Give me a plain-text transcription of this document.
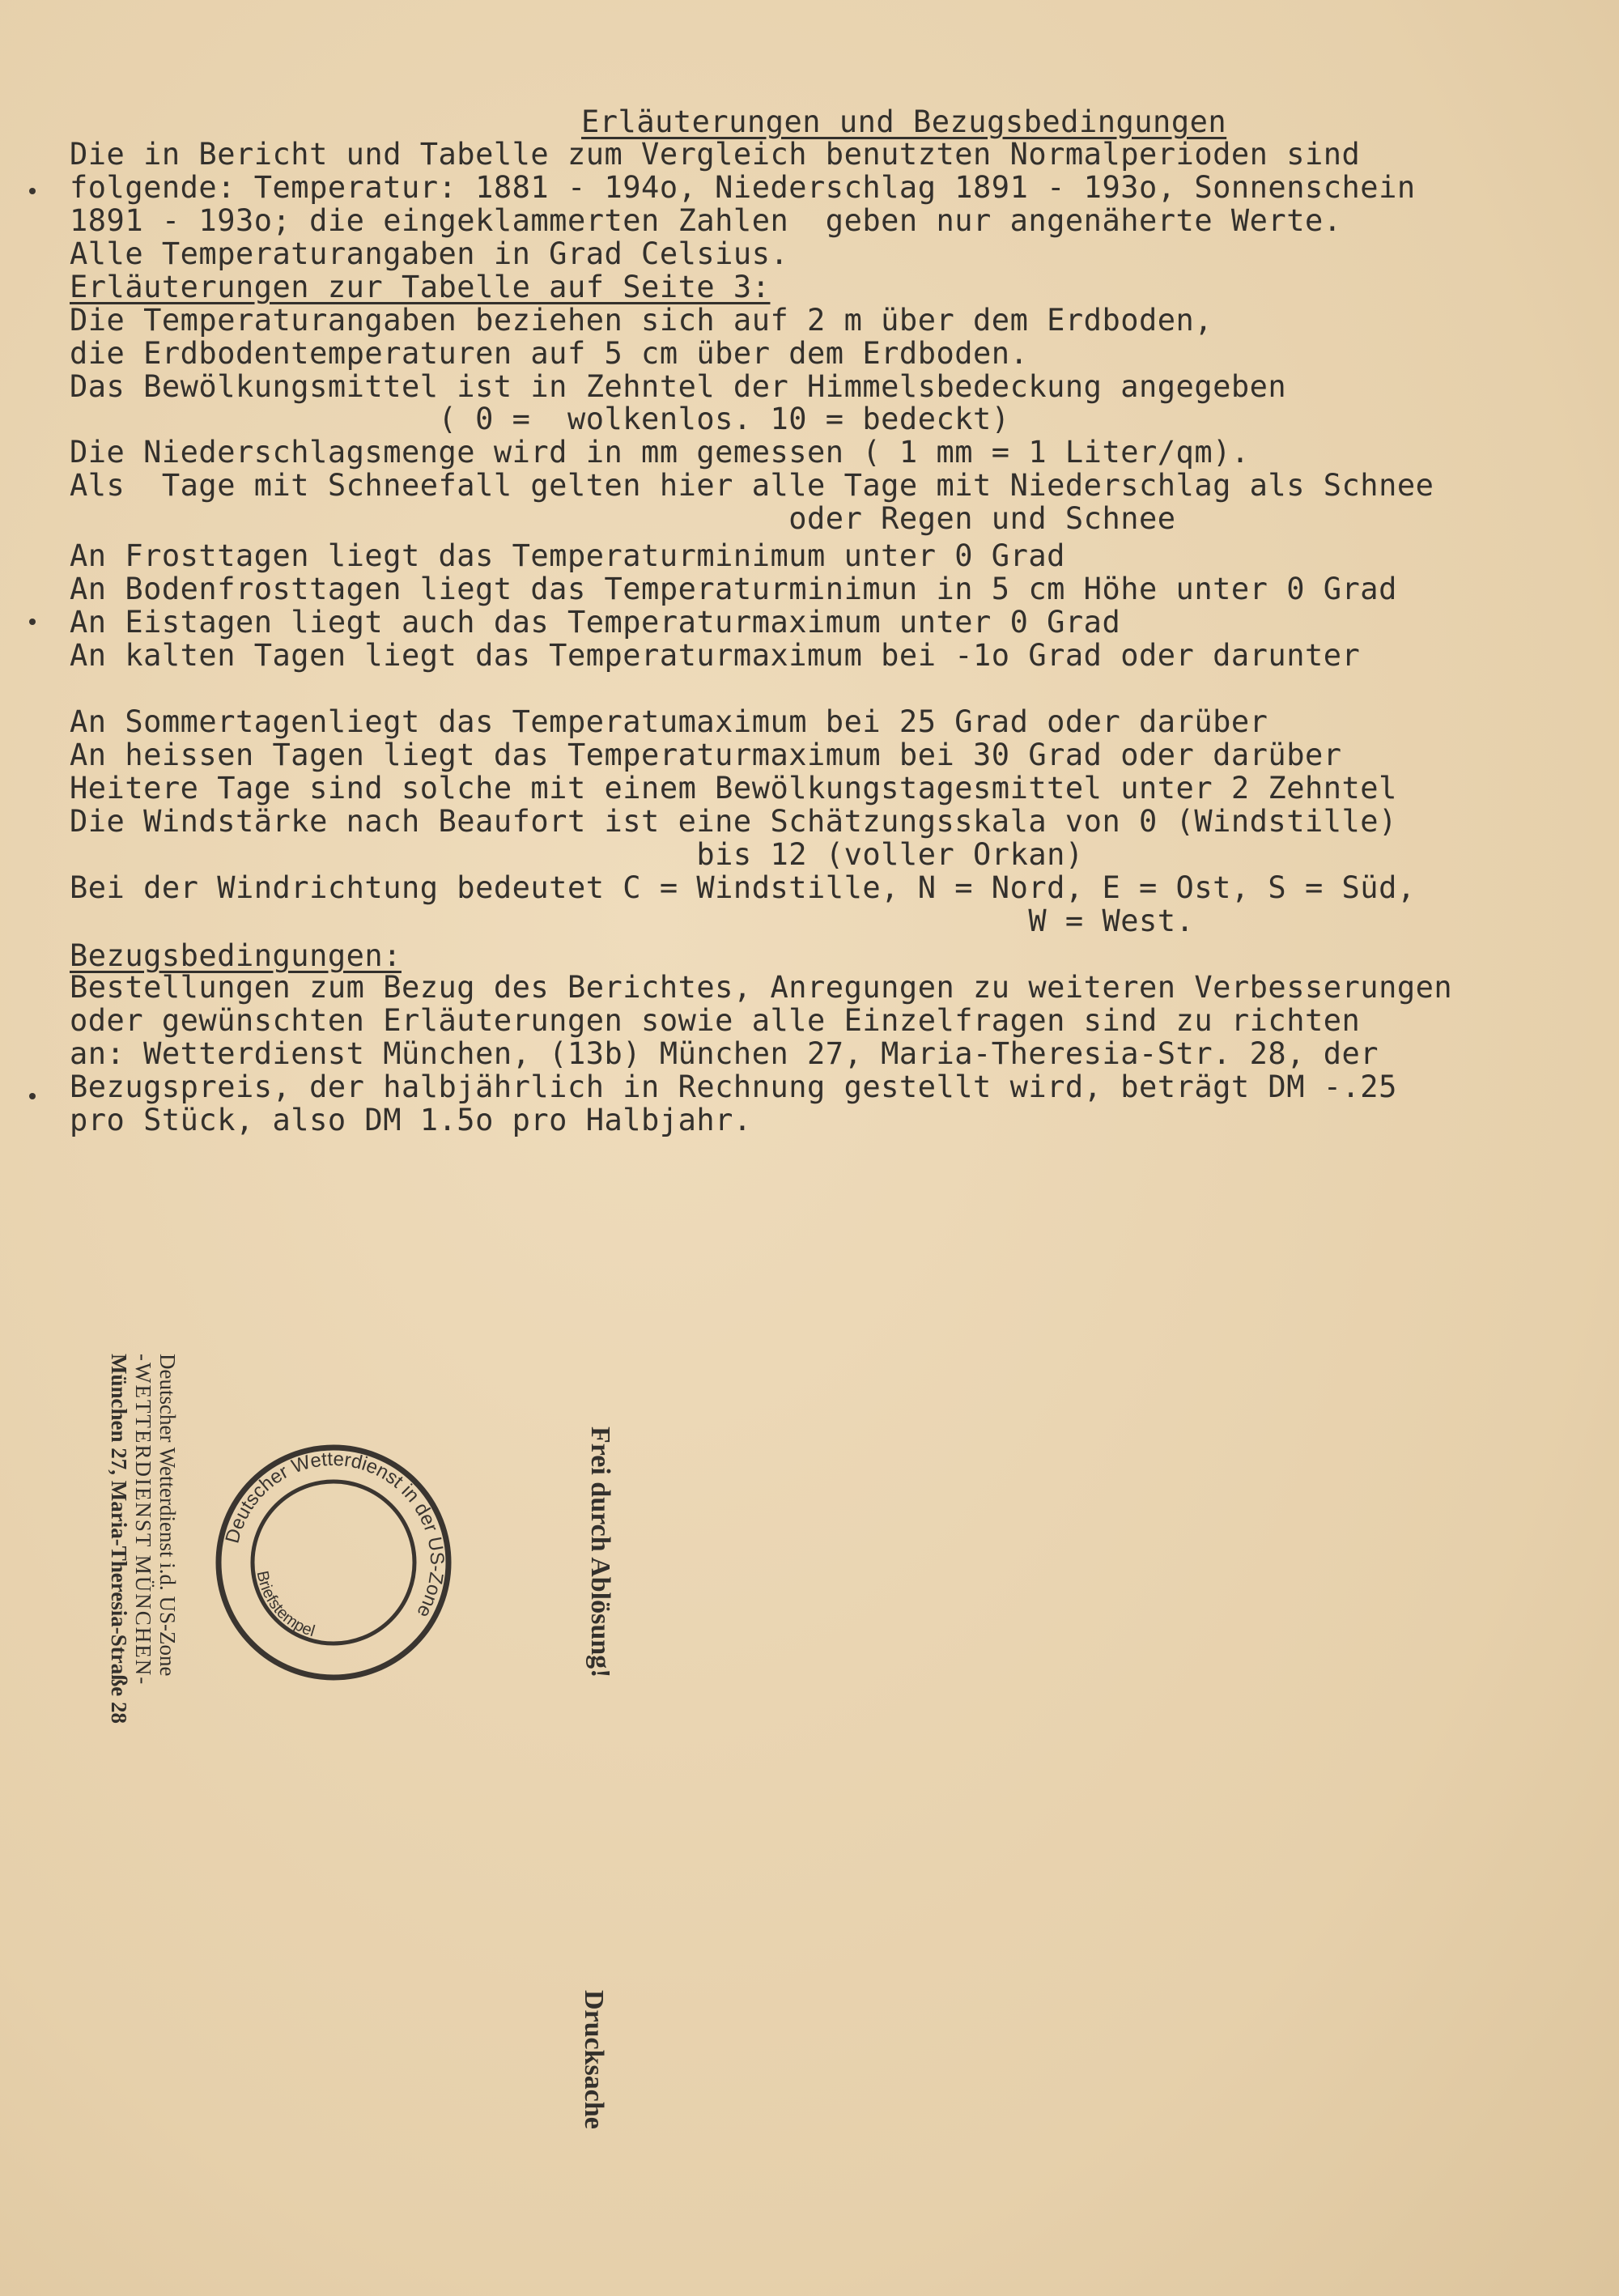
Erläuterungen und Bezugsbedingungen
Die in Bericht und Tabelle zum Vergleich benutzten Normalperioden sind
folgende: Temperatur: 1881 - 194o, Niederschlag 1891 - 193o, Sonnenschein
1891 - 193o; die eingeklammerten Zahlen  geben nur angenäherte Werte.
Alle Temperaturangaben in Grad Celsius.
Erläuterungen zur Tabelle auf Seite 3:
Die Temperaturangaben beziehen sich auf 2 m über dem Erdboden,
die Erdbodentemperaturen auf 5 cm über dem Erdboden.
Das Bewölkungsmittel ist in Zehntel der Himmelsbedeckung angegeben
( 0 =  wolkenlos. 10 = bedeckt)
Die Niederschlagsmenge wird in mm gemessen ( 1 mm = 1 Liter/qm).
Als  Tage mit Schneefall gelten hier alle Tage mit Niederschlag als Schnee
oder Regen und Schnee
An Frosttagen liegt das Temperaturminimum unter 0 Grad
An Bodenfrosttagen liegt das Temperaturminimun in 5 cm Höhe unter 0 Grad
An Eistagen liegt auch das Temperaturmaximum unter 0 Grad
An kalten Tagen liegt das Temperaturmaximum bei -1o Grad oder darunter
An Sommertagenliegt das Temperatumaximum bei 25 Grad oder darüber
An heissen Tagen liegt das Temperaturmaximum bei 30 Grad oder darüber
Heitere Tage sind solche mit einem Bewölkungstagesmittel unter 2 Zehntel
Die Windstärke nach Beaufort ist eine Schätzungsskala von 0 (Windstille)
bis 12 (voller Orkan)
Bei der Windrichtung bedeutet C = Windstille, N = Nord, E = Ost, S = Süd,
W = West.
Bezugsbedingungen:
Bestellungen zum Bezug des Berichtes, Anregungen zu weiteren Verbesserungen
oder gewünschten Erläuterungen sowie alle Einzelfragen sind zu richten
an: Wetterdienst München, (13b) München 27, Maria-Theresia-Str. 28, der
Bezugspreis, der halbjährlich in Rechnung gestellt wird, beträgt DM -.25
pro Stück, also DM 1.5o pro Halbjahr.
Deutscher Wetterdienst i.d. US-Zone
-WETTERDIENST MÜNCHEN-
München 27, Maria-Theresia-Straße 28	Deutscher Wetterdienst in der US-Zone
Briefstempel	Frei durch Ablösung!
Drucksache
